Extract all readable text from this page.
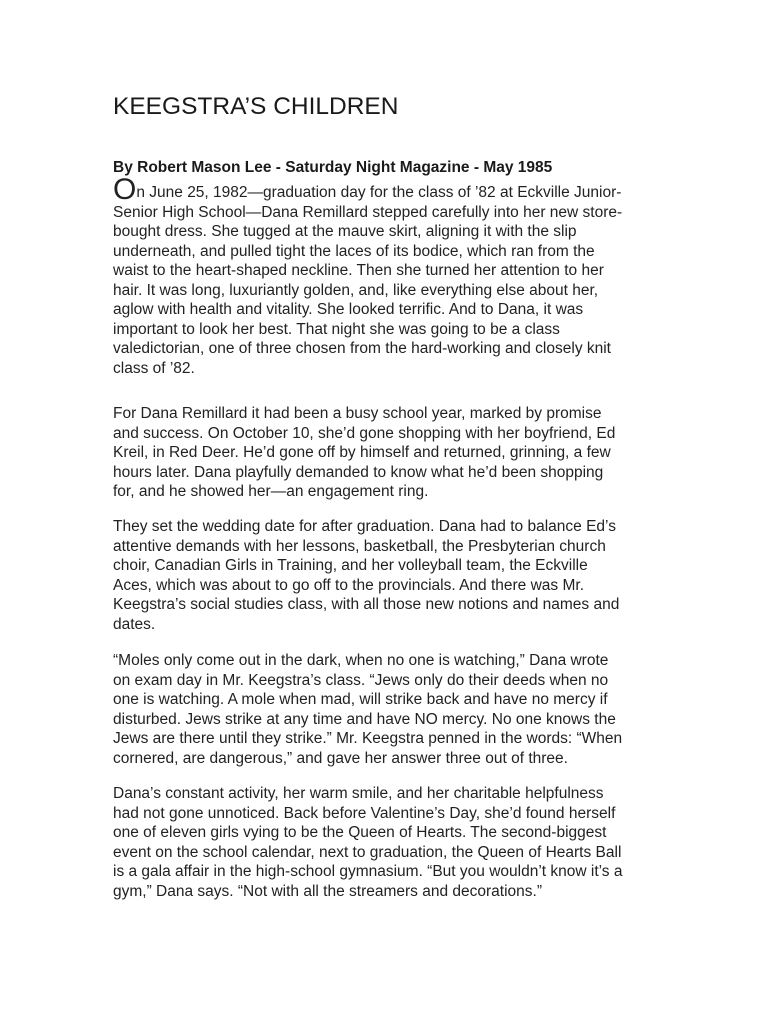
KEEGSTRA’S CHILDREN

By Robert Mason Lee - Saturday Night Magazine - May 1985

On June 25, 1982—graduation day for the class of ’82 at Eckville Junior-
Senior High School—Dana Remillard stepped carefully into her new store-
bought dress. She tugged at the mauve skirt, aligning it with the slip
underneath, and pulled tight the laces of its bodice, which ran from the
waist to the heart-shaped neckline. Then she turned her attention to her
hair. It was long, luxuriantly golden, and, like everything else about her,
aglow with health and vitality. She looked terrific. And to Dana, it was
important to look her best. That night she was going to be a class
valedictorian, one of three chosen from the hard-working and closely knit
class of ’82.
For Dana Remillard it had been a busy school year, marked by promise
and success. On October 10, she’d gone shopping with her boyfriend, Ed
Kreil, in Red Deer. He’d gone off by himself and returned, grinning, a few
hours later. Dana playfully demanded to know what he’d been shopping
for, and he showed her—an engagement ring.
They set the wedding date for after graduation. Dana had to balance Ed’s
attentive demands with her lessons, basketball, the Presbyterian church
choir, Canadian Girls in Training, and her volleyball team, the Eckville
Aces, which was about to go off to the provincials. And there was Mr.
Keegstra’s social studies class, with all those new notions and names and
dates.
“Moles only come out in the dark, when no one is watching,” Dana wrote
on exam day in Mr. Keegstra’s class. “Jews only do their deeds when no
one is watching. A mole when mad, will strike back and have no mercy if
disturbed. Jews strike at any time and have NO mercy. No one knows the
Jews are there until they strike.” Mr. Keegstra penned in the words: “When
cornered, are dangerous,” and gave her answer three out of three.
Dana’s constant activity, her warm smile, and her charitable helpfulness
had not gone unnoticed. Back before Valentine’s Day, she’d found herself
one of eleven girls vying to be the Queen of Hearts. The second-biggest
event on the school calendar, next to graduation, the Queen of Hearts Ball
is a gala affair in the high-school gymnasium. “But you wouldn’t know it’s a
gym,” Dana says. “Not with all the streamers and decorations.”
